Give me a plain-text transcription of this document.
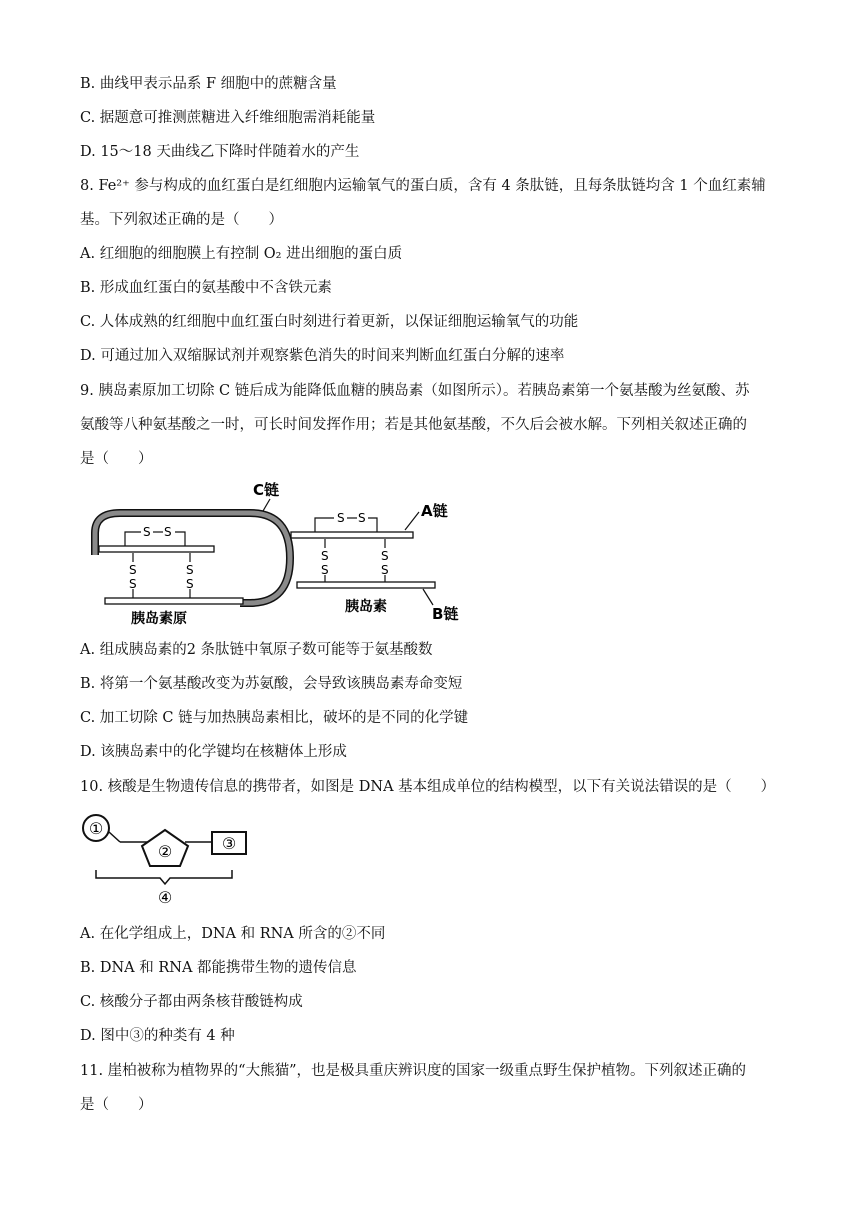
B. 曲线甲表示品系 F 细胞中的蔗糖含量
C. 据题意可推测蔗糖进入纤维细胞需消耗能量
D. 15～18 天曲线乙下降时伴随着水的产生
8. Fe²⁺ 参与构成的血红蛋白是红细胞内运输氧气的蛋白质，含有 4 条肽链，且每条肽链均含 1 个血红素辅
基。下列叙述正确的是（　　）
A. 红细胞的细胞膜上有控制 O₂ 进出细胞的蛋白质
B. 形成血红蛋白的氨基酸中不含铁元素
C. 人体成熟的红细胞中血红蛋白时刻进行着更新，以保证细胞运输氧气的功能
D. 可通过加入双缩脲试剂并观察紫色消失的时间来判断血红蛋白分解的速率
9. 胰岛素原加工切除 C 链后成为能降低血糖的胰岛素（如图所示）。若胰岛素第一个氨基酸为丝氨酸、苏
氨酸等八种氨基酸之一时，可长时间发挥作用；若是其他氨基酸，不久后会被水解。下列相关叙述正确的
是（　　）
C链
S S
S
S
S
S
胰岛素原
S S	A链
S
S
S
S
胰岛素	B链
A. 组成胰岛素的2 条肽链中氧原子数可能等于氨基酸数
B. 将第一个氨基酸改变为苏氨酸，会导致该胰岛素寿命变短
C. 加工切除 C 链与加热胰岛素相比，破坏的是不同的化学键
D. 该胰岛素中的化学键均在核糖体上形成
10. 核酸是生物遗传信息的携带者，如图是 DNA 基本组成单位的结构模型，以下有关说法错误的是（　　）
①
②	③
④
A. 在化学组成上，DNA 和 RNA 所含的②不同
B. DNA 和 RNA 都能携带生物的遗传信息
C. 核酸分子都由两条核苷酸链构成
D. 图中③的种类有 4 种
11. 崖柏被称为植物界的“大熊猫”，也是极具重庆辨识度的国家一级重点野生保护植物。下列叙述正确的
是（　　）
